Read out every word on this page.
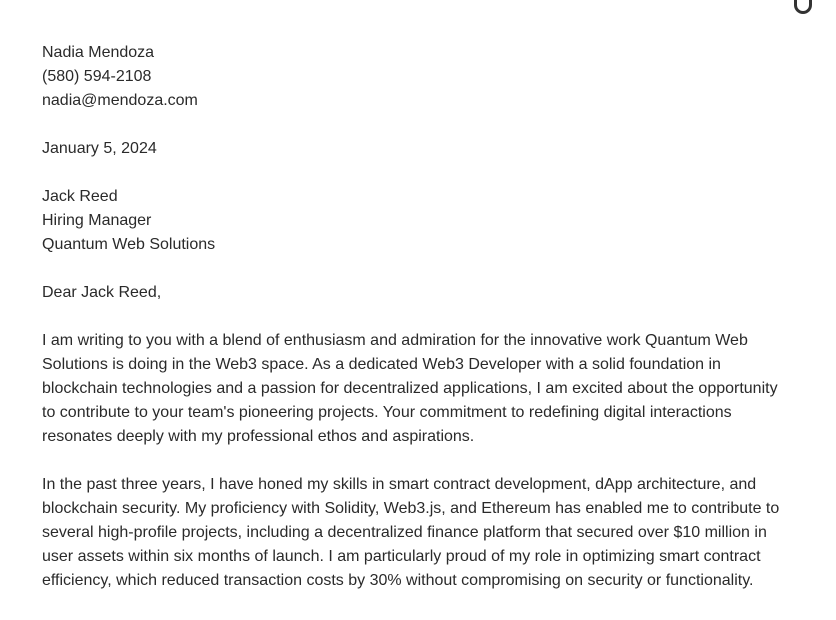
Nadia Mendoza
(580) 594-2108
nadia@mendoza.com
January 5, 2024
Jack Reed
Hiring Manager
Quantum Web Solutions
Dear Jack Reed,
I am writing to you with a blend of enthusiasm and admiration for the innovative work Quantum Web
Solutions is doing in the Web3 space. As a dedicated Web3 Developer with a solid foundation in
blockchain technologies and a passion for decentralized applications, I am excited about the opportunity
to contribute to your team's pioneering projects. Your commitment to redefining digital interactions
resonates deeply with my professional ethos and aspirations.
In the past three years, I have honed my skills in smart contract development, dApp architecture, and
blockchain security. My proficiency with Solidity, Web3.js, and Ethereum has enabled me to contribute to
several high-profile projects, including a decentralized finance platform that secured over $10 million in
user assets within six months of launch. I am particularly proud of my role in optimizing smart contract
efficiency, which reduced transaction costs by 30% without compromising on security or functionality.
